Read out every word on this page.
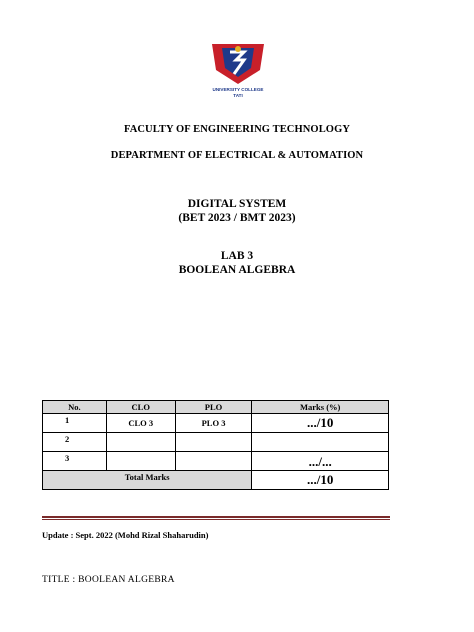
UNIVERSITY COLLEGE
TATI
FACULTY OF ENGINEERING TECHNOLOGY
DEPARTMENT OF ELECTRICAL & AUTOMATION
DIGITAL SYSTEM
(BET 2023 / BMT 2023)
LAB 3
BOOLEAN ALGEBRA
No.	CLO	PLO	Marks (%)
1	CLO 3	PLO 3	.../10
2			
3			.../...
Total Marks			.../10
Update : Sept. 2022 (Mohd Rizal Shaharudin)
TITLE : BOOLEAN ALGEBRA
